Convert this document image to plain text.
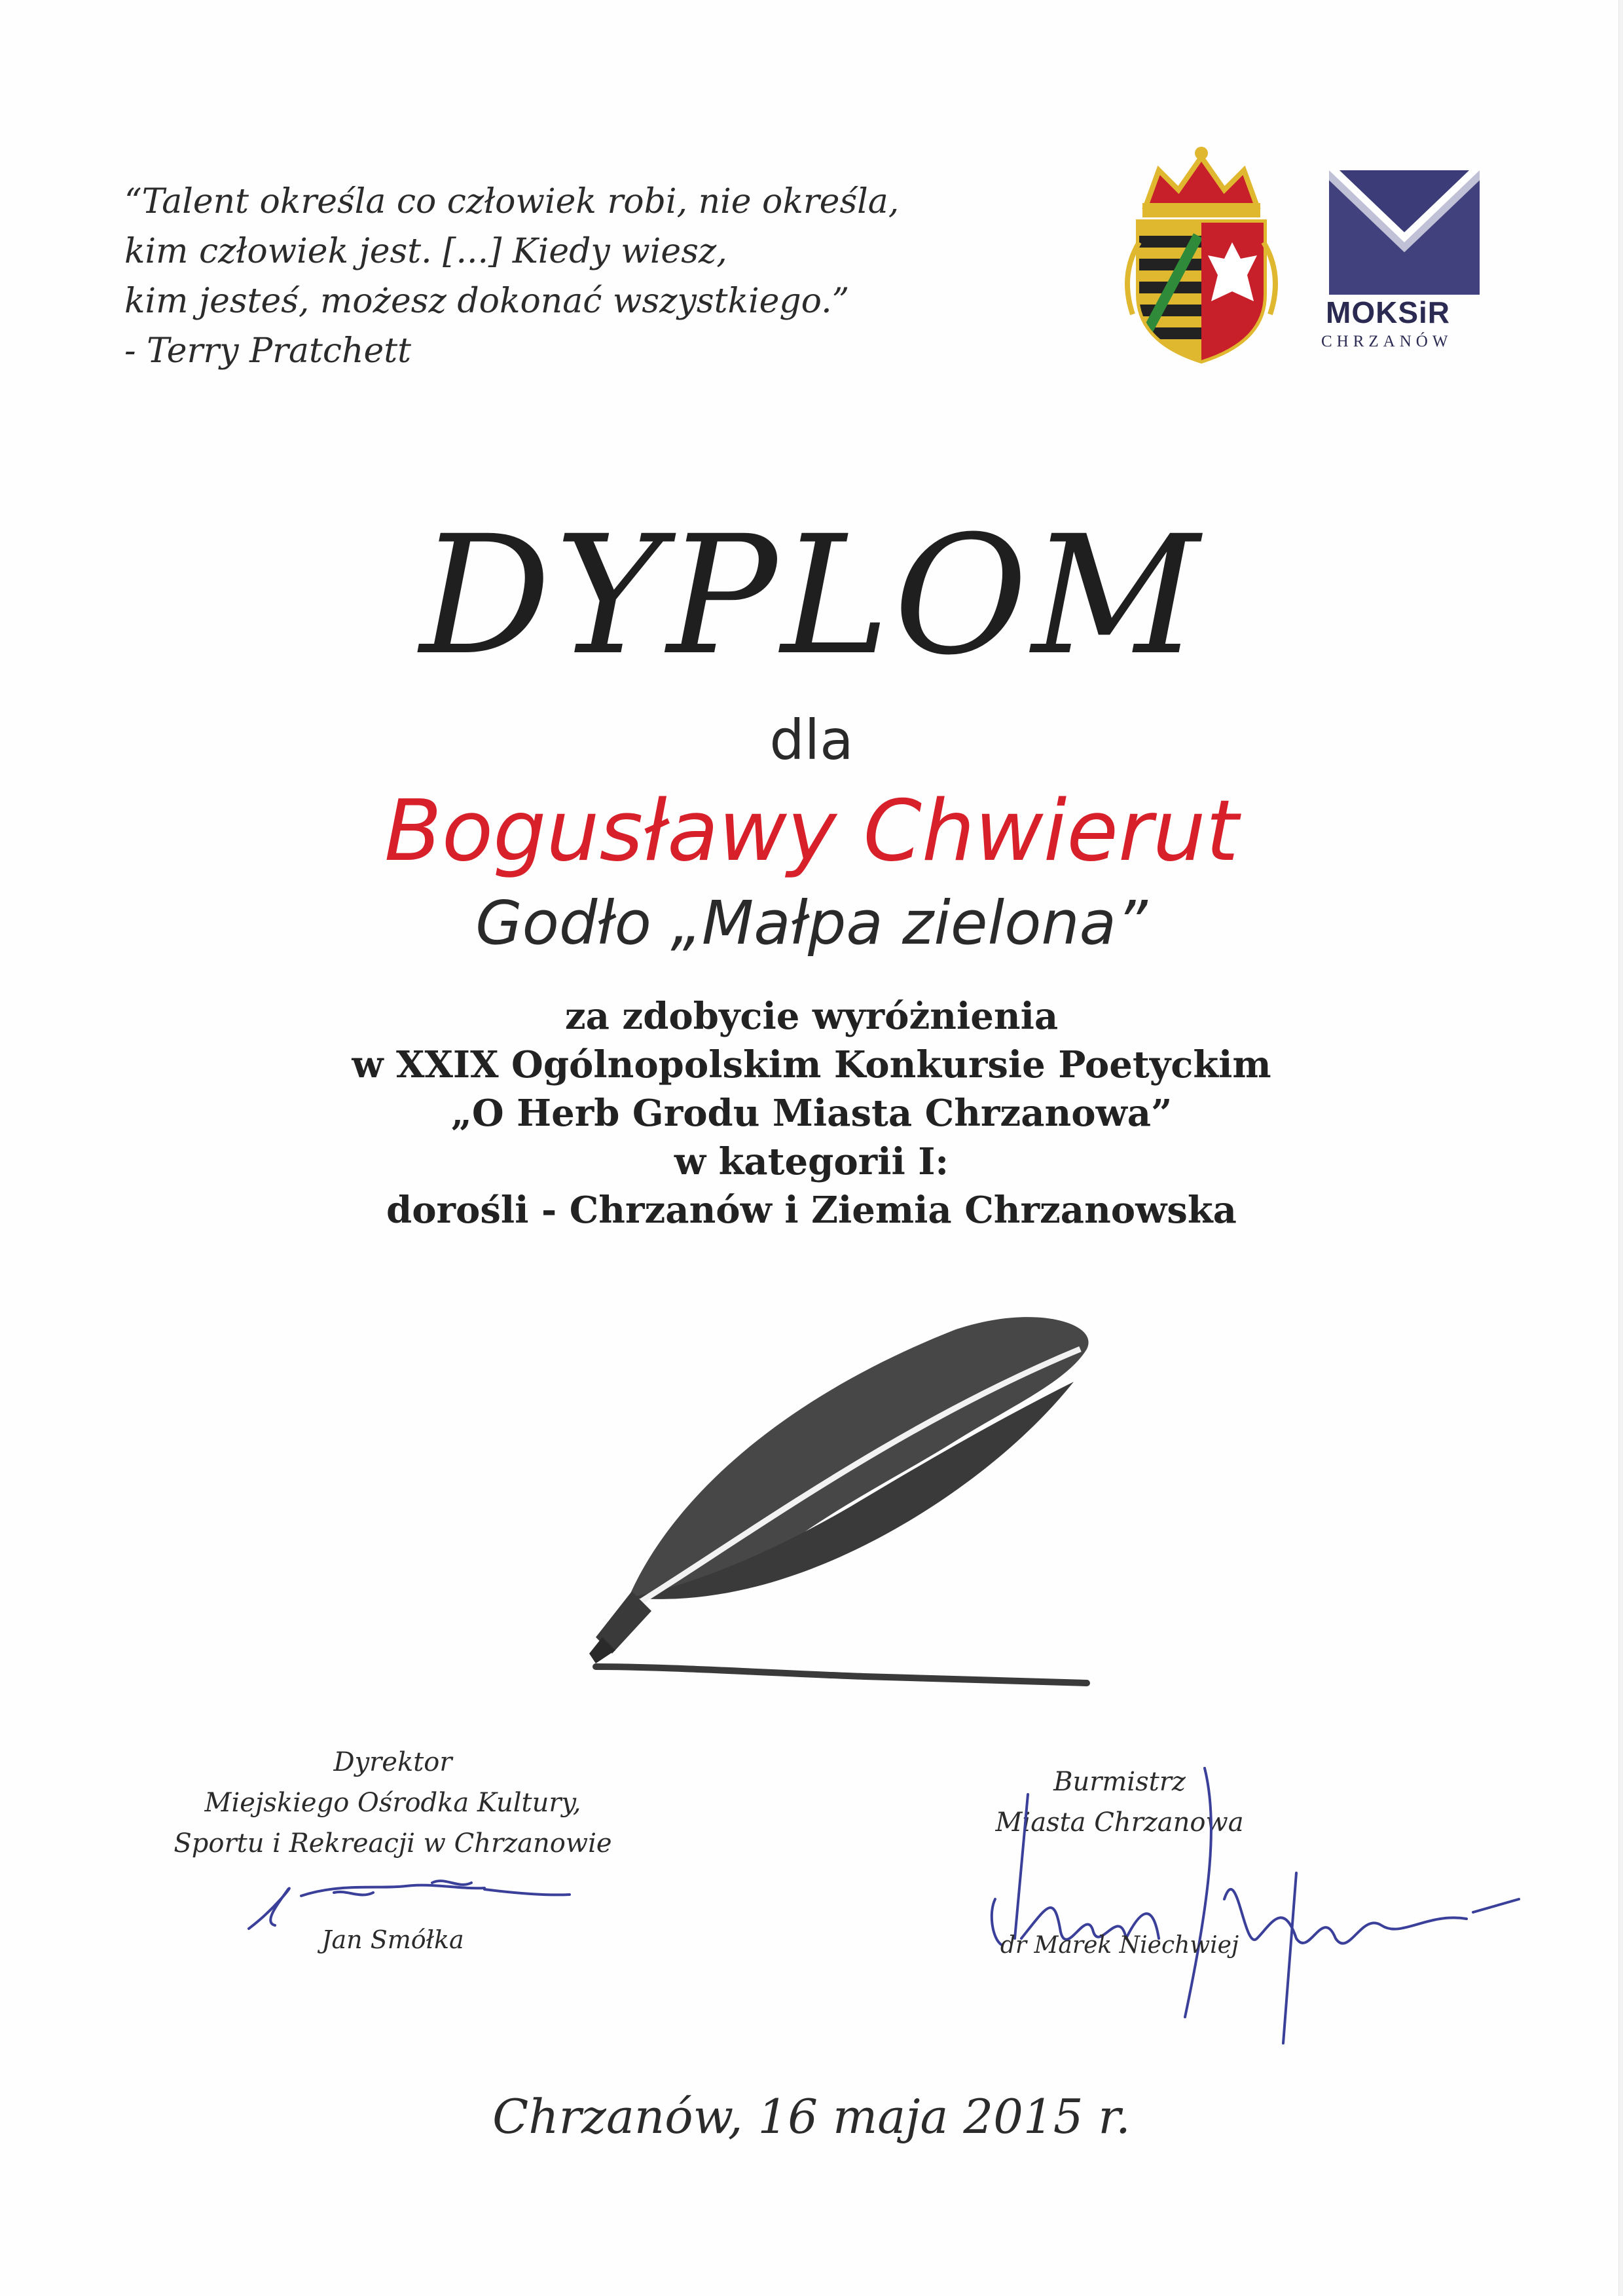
“Talent określa co człowiek robi, nie określa,
kim człowiek jest. [...] Kiedy wiesz,
kim jesteś, możesz dokonać wszystkiego.”
- Terry Pratchett
MOKSiR
CHRZANÓW
DYPLOM
dla
Bogusławy Chwierut
Godło „Małpa zielona”
za zdobycie wyróżnienia
w XXIX Ogólnopolskim Konkursie Poetyckim
„O Herb Grodu Miasta Chrzanowa”
w kategorii I:
dorośli - Chrzanów i Ziemia Chrzanowska
Dyrektor
Miejskiego Ośrodka Kultury,
Sportu i Rekreacji w Chrzanowie
Jan Smółka
Burmistrz
Miasta Chrzanowa
dr Marek Niechwiej
Chrzanów, 16 maja 2015 r.
